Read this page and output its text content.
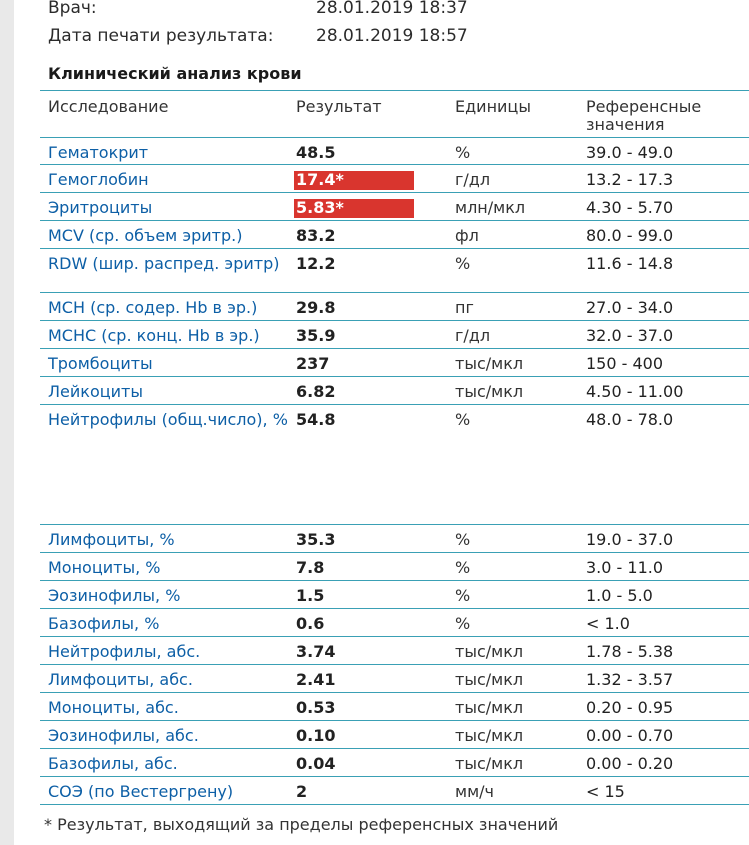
Врач:	28.01.2019 18:37
Дата печати результата:	28.01.2019 18:57
Клинический анализ крови
Исследование	Результат	Единицы	Референсные
значения
Гематокрит	48.5	%	39.0 - 49.0
Гемоглобин	17.4*	г/дл	13.2 - 17.3
Эритроциты	5.83*	млн/мкл	4.30 - 5.70
MCV (ср. объем эритр.)	83.2	фл	80.0 - 99.0
RDW (шир. распред. эритр)	12.2	%	11.6 - 14.8
MCH (ср. содер. Hb в эр.)	29.8	пг	27.0 - 34.0
MCHC (ср. конц. Hb в эр.)	35.9	г/дл	32.0 - 37.0
Тромбоциты	237	тыс/мкл	150 - 400
Лейкоциты	6.82	тыс/мкл	4.50 - 11.00
Нейтрофилы (общ.число), % 54.8	%	48.0 - 78.0
Лимфоциты, %	35.3	%	19.0 - 37.0
Моноциты, %	7.8	%	3.0 - 11.0
Эозинофилы, %	1.5	%	1.0 - 5.0
Базофилы, %	0.6	%	< 1.0
Нейтрофилы, абс.	3.74	тыс/мкл	1.78 - 5.38
Лимфоциты, абс.	2.41	тыс/мкл	1.32 - 3.57
Моноциты, абс.	0.53	тыс/мкл	0.20 - 0.95
Эозинофилы, абс.	0.10	тыс/мкл	0.00 - 0.70
Базофилы, абс.	0.04	тыс/мкл	0.00 - 0.20
СОЭ (по Вестергрену)	2	мм/ч	< 15
* Результат, выходящий за пределы референсных значений
